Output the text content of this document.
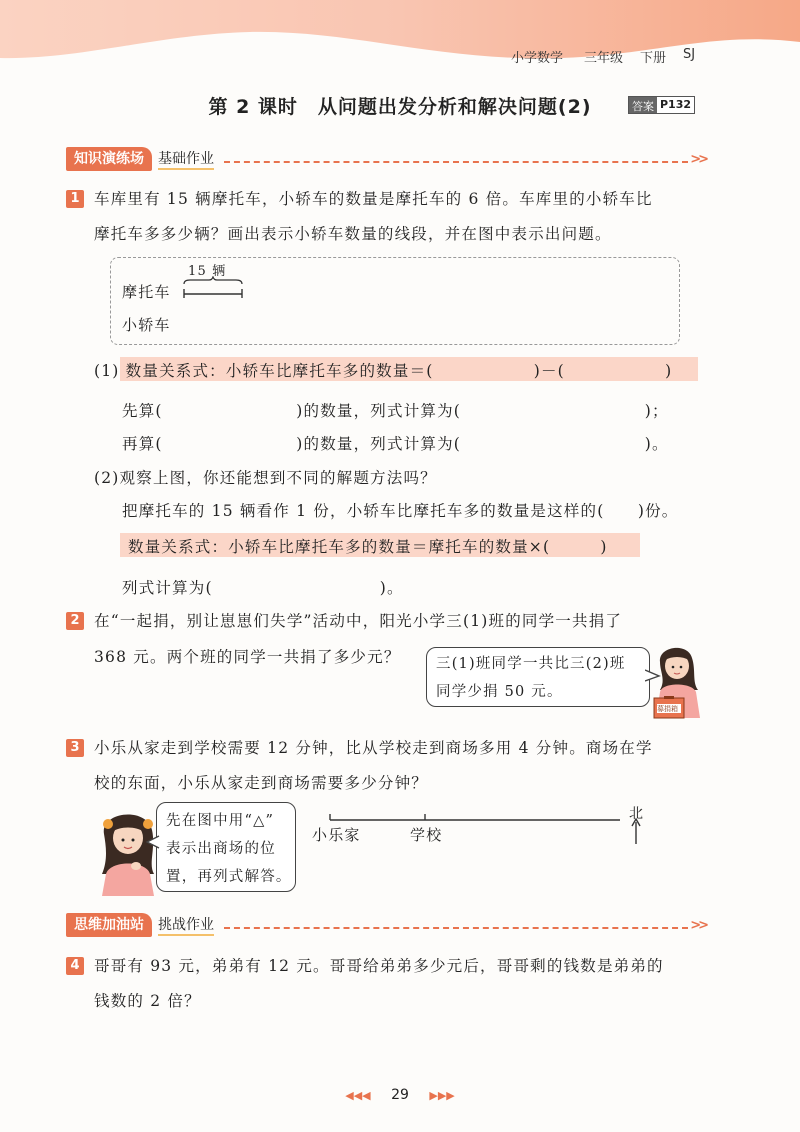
小学数学 三年级 下册 SJ
第 2 课时　从问题出发分析和解决问题(2)	答案 P132
知识演练场	基础作业	>>
1 车库里有 15 辆摩托车，小轿车的数量是摩托车的 6 倍。车库里的小轿车比
摩托车多多少辆？画出表示小轿车数量的线段，并在图中表示出问题。
摩托车
小轿车
15 辆
(1) 数量关系式：小轿车比摩托车多的数量＝(　　　　　　)－(　　　　　　)
先算(　　　　　　　　)的数量，列式计算为(　　　　　　　　　　　)；
再算(　　　　　　　　)的数量，列式计算为(　　　　　　　　　　　)。
(2)观察上图，你还能想到不同的解题方法吗？
把摩托车的 15 辆看作 1 份，小轿车比摩托车多的数量是这样的(　　)份。
数量关系式：小轿车比摩托车多的数量＝摩托车的数量×(　　　)
列式计算为(　　　　　　　　　　)。
2 在“一起捐，别让崽崽们失学”活动中，阳光小学三(1)班的同学一共捐了
368 元。两个班的同学一共捐了多少元？ 三(1)班同学一共比三(2)班
同学少捐 50 元。
募捐箱
3 小乐从家走到学校需要 12 分钟，比从学校走到商场多用 4 分钟。商场在学
校的东面，小乐从家走到商场需要多少分钟？
先在图中用“△”
表示出商场的位
置，再列式解答。
小乐家	学校
北
思维加油站	挑战作业	>>
4 哥哥有 93 元，弟弟有 12 元。哥哥给弟弟多少元后，哥哥剩的钱数是弟弟的
钱数的 2 倍？
◀◀◀ 29 ▶▶▶
